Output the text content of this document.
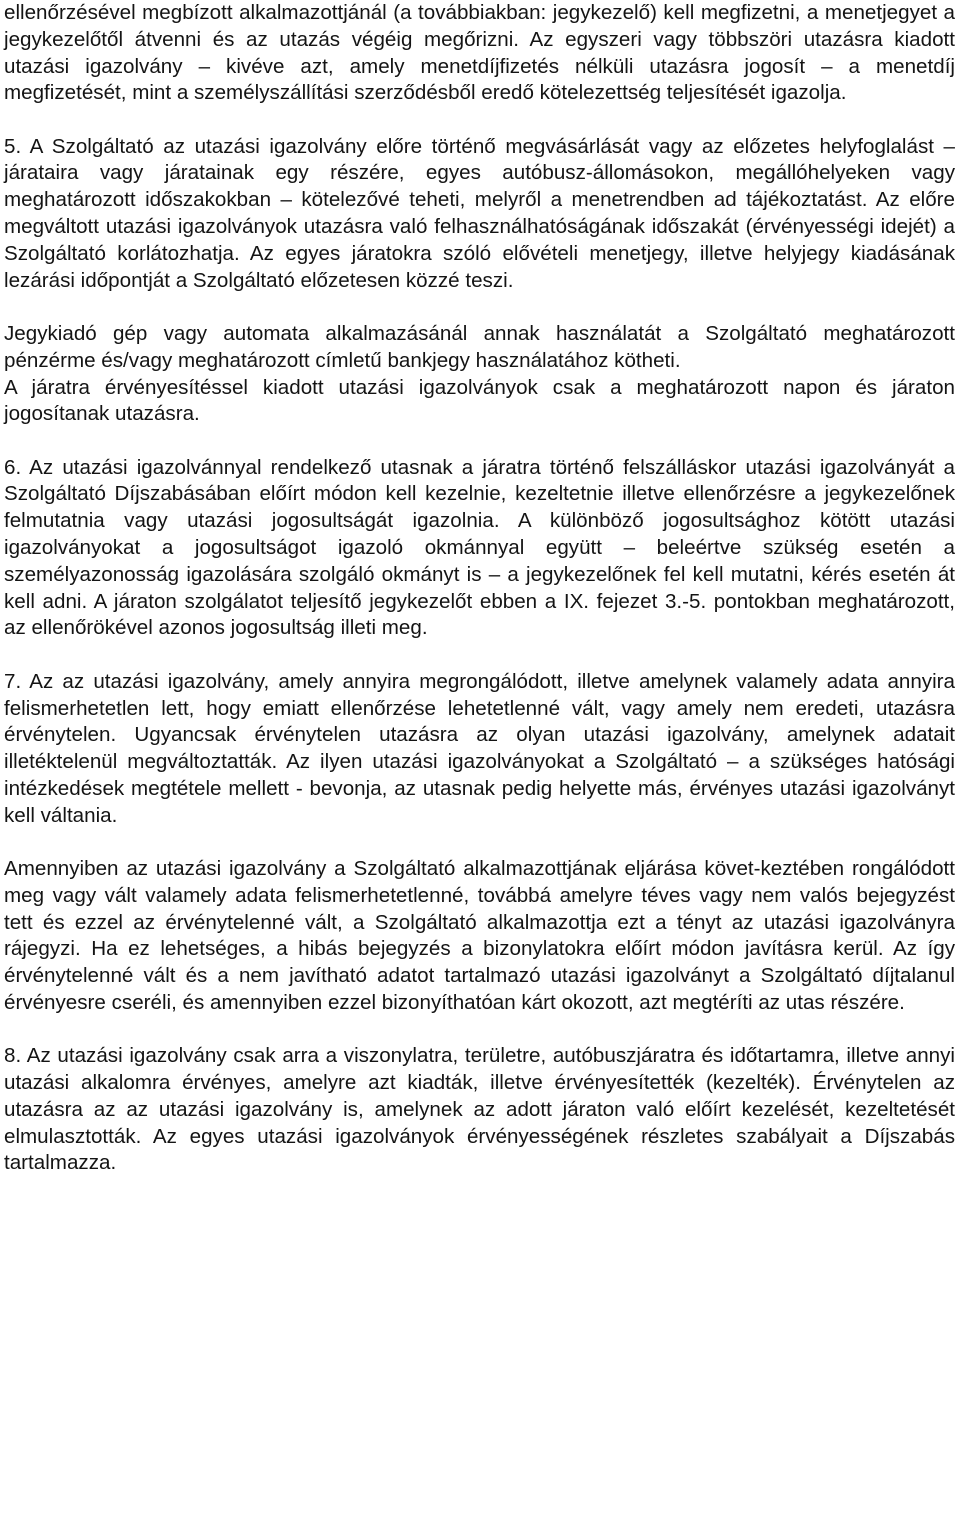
ellenőrzésével megbízott alkalmazottjánál (a továbbiakban: jegykezelő) kell megfizetni, a menetjegyet a jegykezelőtől átvenni és az utazás végéig megőrizni. Az egyszeri vagy többszöri utazásra kiadott utazási igazolvány – kivéve azt, amely menetdíjfizetés nélküli utazásra jogosít – a menetdíj megfizetését, mint a személyszállítási szerződésből eredő kötelezettség teljesítését igazolja.

5. A Szolgáltató az utazási igazolvány előre történő megvásárlását vagy az előzetes helyfoglalást – járataira vagy járatainak egy részére, egyes autóbusz-állomásokon, megállóhelyeken vagy meghatározott időszakokban – kötelezővé teheti, melyről a menetrendben ad tájékoztatást. Az előre megváltott utazási igazolványok utazásra való felhasználhatóságának időszakát (érvényességi idejét) a Szolgáltató korlátozhatja. Az egyes járatokra szóló elővételi menetjegy, illetve helyjegy kiadásának lezárási időpontját a Szolgáltató előzetesen közzé teszi.

Jegykiadó gép vagy automata alkalmazásánál annak használatát a Szolgáltató meghatározott pénzérme és/vagy meghatározott címletű bankjegy használatához kötheti.

A járatra érvényesítéssel kiadott utazási igazolványok csak a meghatározott napon és járaton jogosítanak utazásra.

6. Az utazási igazolvánnyal rendelkező utasnak a járatra történő felszálláskor utazási igazolványát a Szolgáltató Díjszabásában előírt módon kell kezelnie, kezeltetnie illetve ellenőrzésre a jegykezelőnek felmutatnia vagy utazási jogosultságát igazolnia. A különböző jogosultsághoz kötött utazási igazolványokat a jogosultságot igazoló okmánnyal együtt – beleértve szükség esetén a személyazonosság igazolására szolgáló okmányt is – a jegykezelőnek fel kell mutatni, kérés esetén át kell adni. A járaton szolgálatot teljesítő jegykezelőt ebben a IX. fejezet 3.-5. pontokban meghatározott, az ellenőrökével azonos jogosultság illeti meg.

7. Az az utazási igazolvány, amely annyira megrongálódott, illetve amelynek valamely adata annyira felismerhetetlen lett, hogy emiatt ellenőrzése lehetetlenné vált, vagy amely nem eredeti, utazásra érvénytelen. Ugyancsak érvénytelen utazásra az olyan utazási igazolvány, amelynek adatait illetéktelenül megváltoztatták. Az ilyen utazási igazolványokat a Szolgáltató – a szükséges hatósági intézkedések megtétele mellett - bevonja, az utasnak pedig helyette más, érvényes utazási igazolványt kell váltania.

Amennyiben az utazási igazolvány a Szolgáltató alkalmazottjának eljárása követ-keztében rongálódott meg vagy vált valamely adata felismerhetetlenné, továbbá amelyre téves vagy nem valós bejegyzést tett és ezzel az érvénytelenné vált, a Szolgáltató alkalmazottja ezt a tényt az utazási igazolványra rájegyzi. Ha ez lehetséges, a hibás bejegyzés a bizonylatokra előírt módon javításra kerül. Az így érvénytelenné vált és a nem javítható adatot tartalmazó utazási igazolványt a Szolgáltató díjtalanul érvényesre cseréli, és amennyiben ezzel bizonyíthatóan kárt okozott, azt megtéríti az utas részére.

8. Az utazási igazolvány csak arra a viszonylatra, területre, autóbuszjáratra és időtartamra, illetve annyi utazási alkalomra érvényes, amelyre azt kiadták, illetve érvényesítették (kezelték). Érvénytelen az utazásra az az utazási igazolvány is, amelynek az adott járaton való előírt kezelését, kezeltetését elmulasztották. Az egyes utazási igazolványok érvényességének részletes szabályait a Díjszabás tartalmazza.
